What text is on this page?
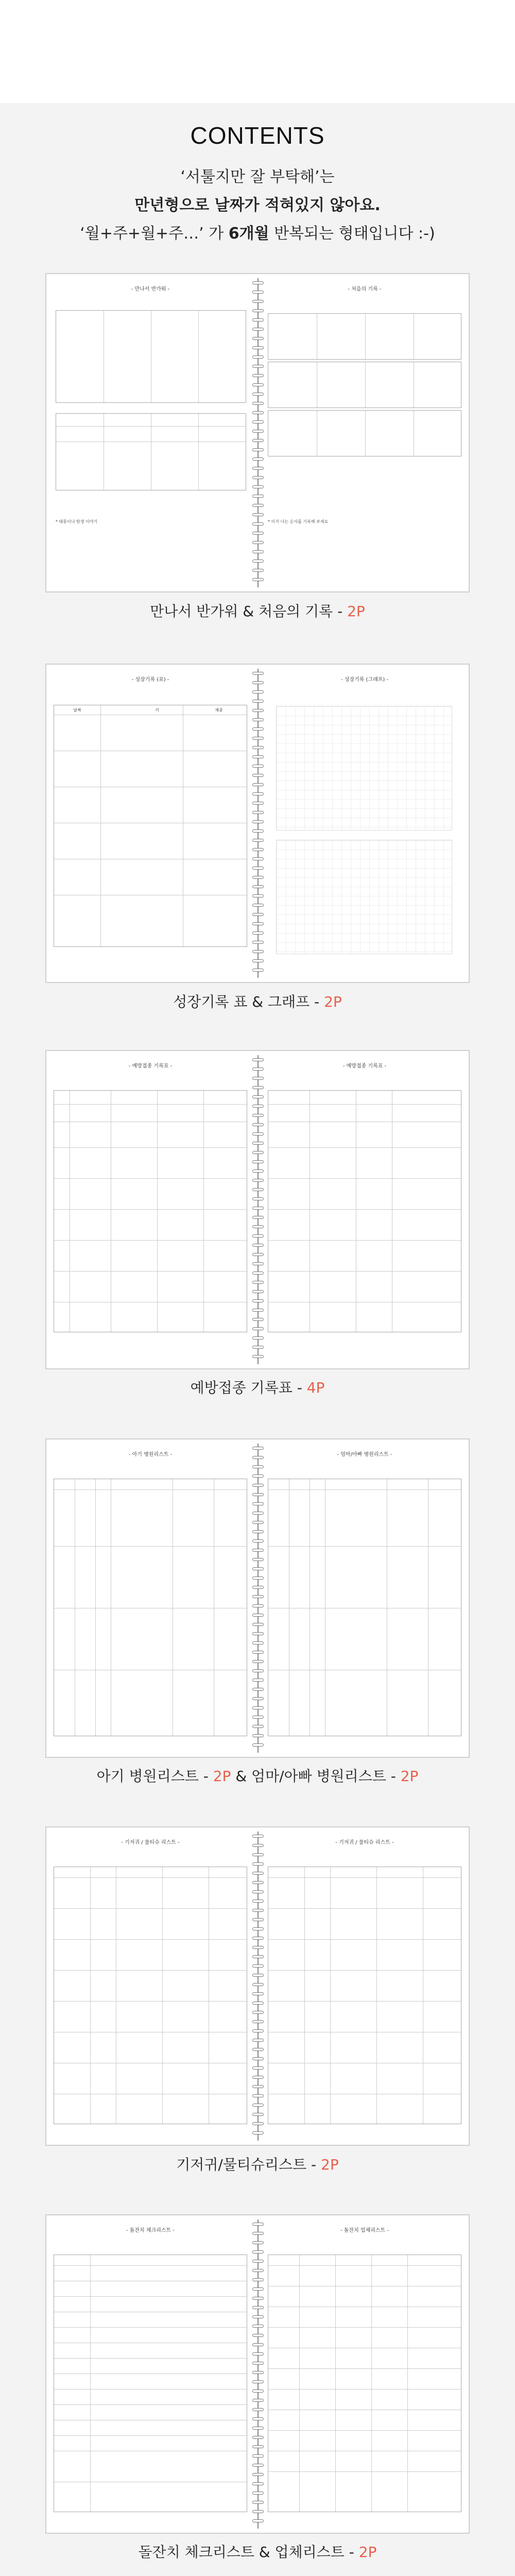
CONTENTS
‘서툴지만 잘 부탁해’는
만년형으로 날짜가 적혀있지 않아요.
‘월+주+월+주…’ 가 6개월 반복되는 형태입니다 :-)
- 만나서 반가워 -
* 태몽이나 탄생 이야기
- 처음의 기록 -
* 이가 나는 순서를 기록해 보세요
만나서 반가워 & 처음의 기록 - 2P
- 성장기록 (표) -
날짜	키	체중
- 성장기록 (그래프) -
성장기록 표 & 그래프 - 2P
- 예방접종 기록표 -	- 예방접종 기록표 -
예방접종 기록표 - 4P
- 아기 병원리스트 -	- 엄마/아빠 병원리스트 -
아기 병원리스트 - 2P & 엄마/아빠 병원리스트 - 2P
- 기저귀 / 물티슈 리스트 -	- 기저귀 / 물티슈 리스트 -
기저귀/물티슈리스트 - 2P
- 돌잔치 체크리스트 -	- 돌잔치 업체리스트 -
돌잔치 체크리스트 & 업체리스트 - 2P
